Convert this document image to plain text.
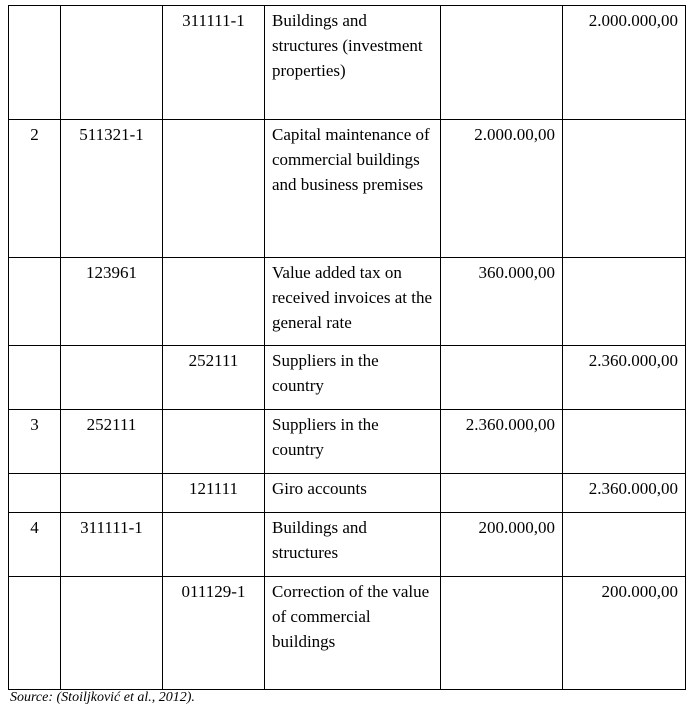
		311111-1	Buildings and structures (investment properties)		2.000.000,00
2	511321-1		Capital maintenance of commercial buildings and business premises	2.000.00,00	
	123961		Value added tax on received invoices at the general rate	360.000,00	
		252111	Suppliers in the country		2.360.000,00
3	252111		Suppliers in the country	2.360.000,00	
		121111	Giro accounts		2.360.000,00
4	311111-1		Buildings and structures	200.000,00	
		011129-1	Correction of the value of commercial buildings		200.000,00
Source: (Stoiljković et al., 2012).
